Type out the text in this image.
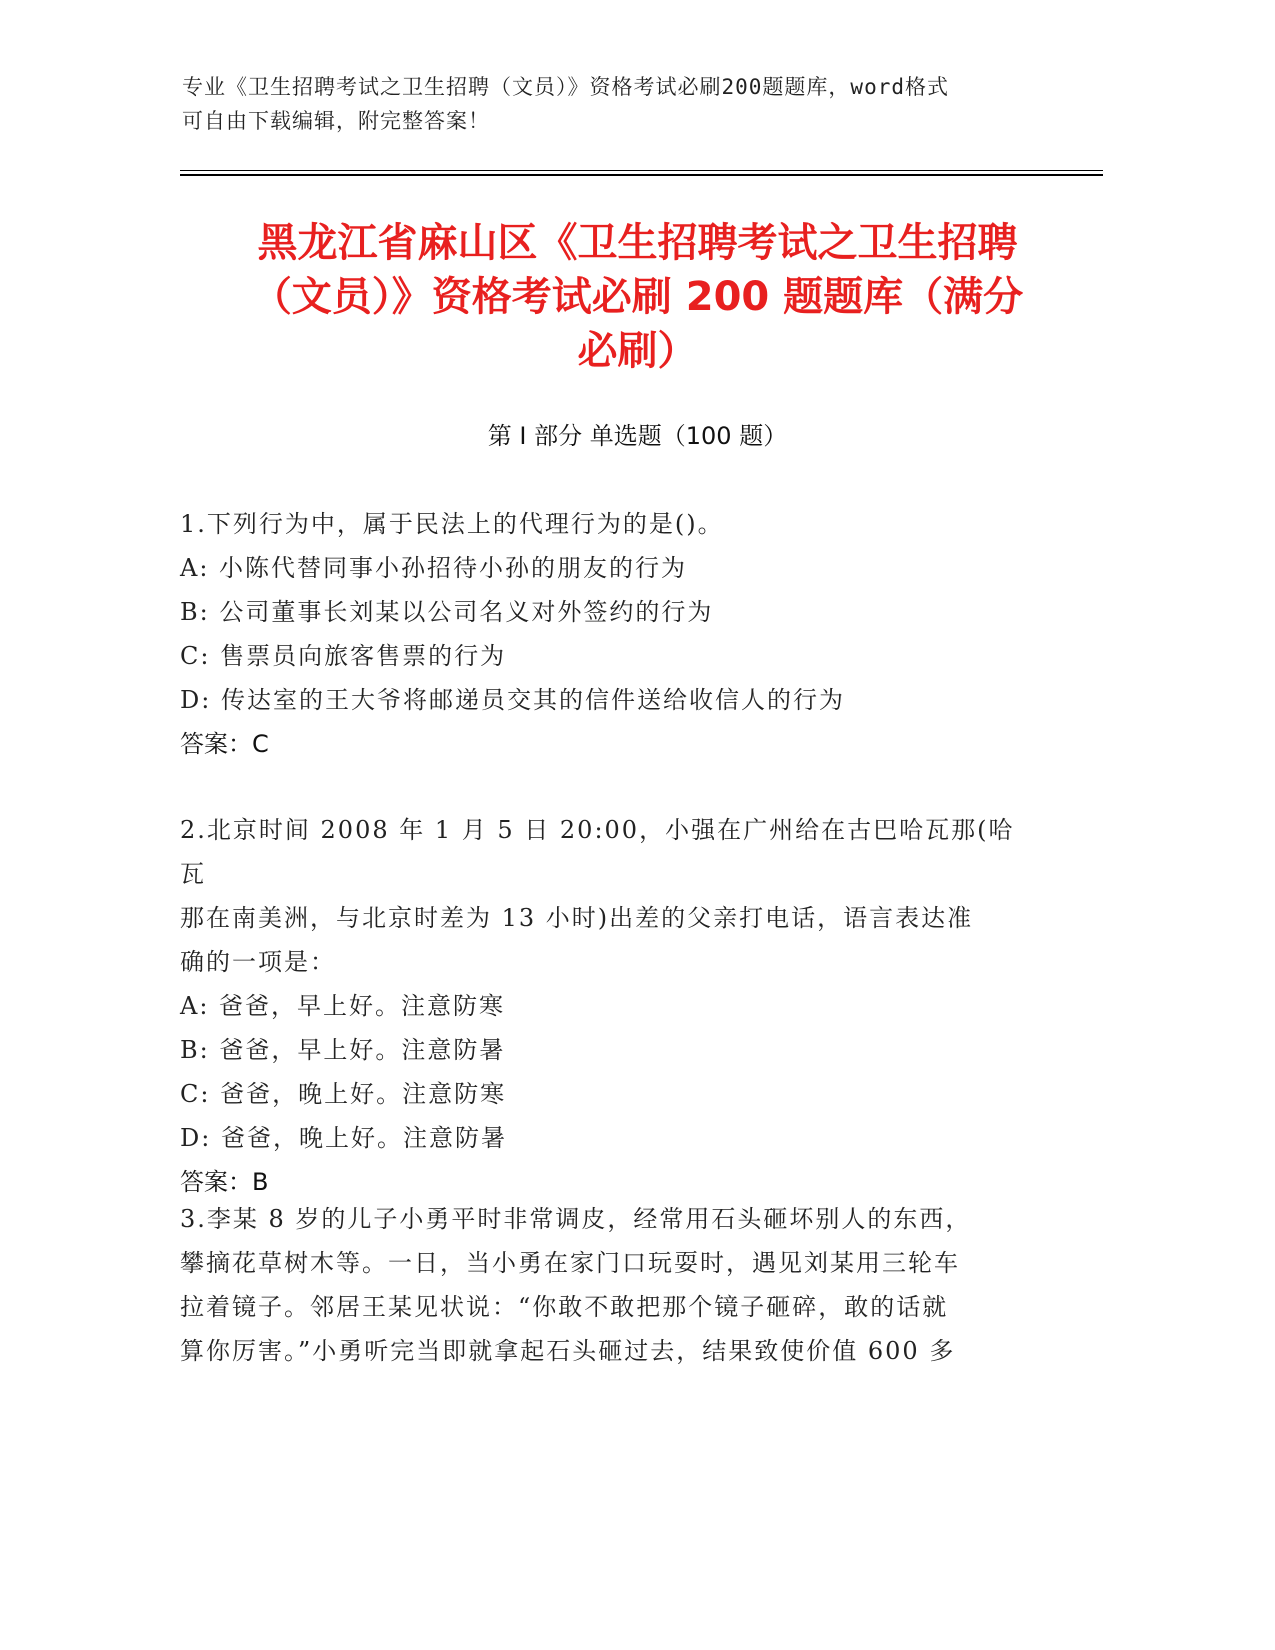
专业《卫生招聘考试之卫生招聘（文员）》资格考试必刷200题题库，word格式
可自由下载编辑，附完整答案！
黑龙江省麻山区《卫生招聘考试之卫生招聘
（文员）》资格考试必刷 200 题题库（满分
必刷）
第 I 部分 单选题（100 题）
1.下列行为中，属于民法上的代理行为的是()。
A: 小陈代替同事小孙招待小孙的朋友的行为
B: 公司董事长刘某以公司名义对外签约的行为
C: 售票员向旅客售票的行为
D: 传达室的王大爷将邮递员交其的信件送给收信人的行为
答案：C
2.北京时间 2008 年 1 月 5 日 20:00，小强在广州给在古巴哈瓦那(哈瓦
那在南美洲，与北京时差为 13 小时)出差的父亲打电话，语言表达准
确的一项是：
A: 爸爸，早上好。注意防寒
B: 爸爸，早上好。注意防暑
C: 爸爸，晚上好。注意防寒
D: 爸爸，晚上好。注意防暑
答案：B
3.李某 8 岁的儿子小勇平时非常调皮，经常用石头砸坏别人的东西，
攀摘花草树木等。一日，当小勇在家门口玩耍时，遇见刘某用三轮车
拉着镜子。邻居王某见状说：“你敢不敢把那个镜子砸碎，敢的话就
算你厉害。”小勇听完当即就拿起石头砸过去，结果致使价值 600 多
